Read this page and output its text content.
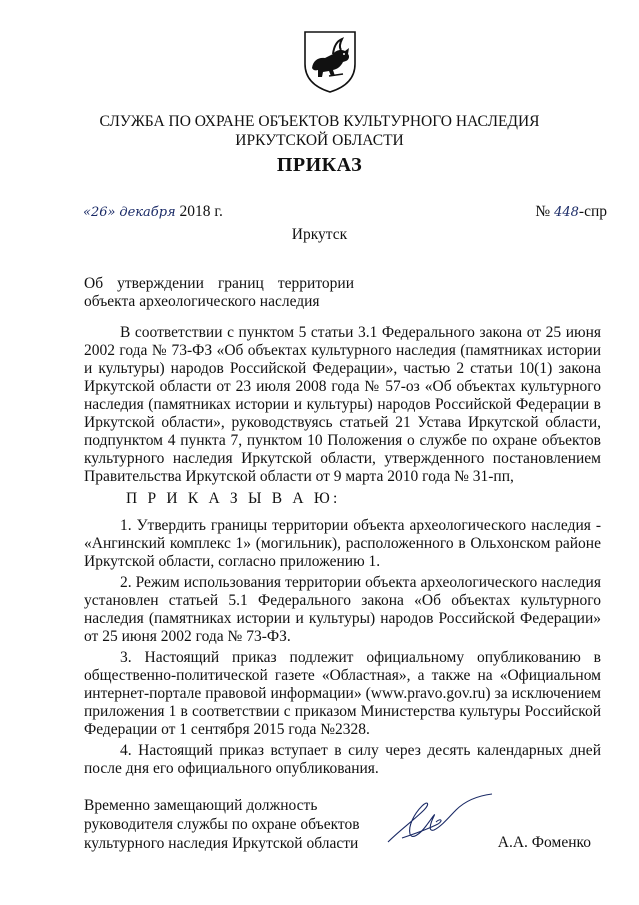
СЛУЖБА ПО ОХРАНЕ ОБЪЕКТОВ КУЛЬТУРНОГО НАСЛЕДИЯ
ИРКУТСКОЙ ОБЛАСТИ
ПРИКАЗ
«26» декабря 2018 г.	№ 448-спр
Иркутск
Об утверждении границ территории
объекта археологического наследия
В соответствии с пунктом 5 статьи 3.1 Федерального закона от 25 июня 2002 года № 73-ФЗ «Об объектах культурного наследия (памятниках истории и культуры) народов Российской Федерации», частью 2 статьи 10(1) закона Иркутской области от 23 июля 2008 года № 57-оз «Об объектах культурного наследия (памятниках истории и культуры) народов Российской Федерации в Иркутской области», руководствуясь статьей 21 Устава Иркутской области, подпунктом 4 пункта 7, пунктом 10 Положения о службе по охране объектов культурного наследия Иркутской области, утвержденного постановлением Правительства Иркутской области от 9 марта 2010 года № 31-пп,
П Р И К А З Ы В А Ю:
1. Утвердить границы территории объекта археологического наследия - «Ангинский комплекс 1» (могильник), расположенного в Ольхонском районе Иркутской области, согласно приложению 1.
2. Режим использования территории объекта археологического наследия установлен статьей 5.1 Федерального закона «Об объектах культурного наследия (памятниках истории и культуры) народов Российской Федерации» от 25 июня 2002 года № 73-ФЗ.
3. Настоящий приказ подлежит официальному опубликованию в общественно-политической газете «Областная», а также на «Официальном интернет-портале правовой информации» (www.pravo.gov.ru) за исключением приложения 1 в соответствии с приказом Министерства культуры Российской Федерации от 1 сентября 2015 года №2328.
4. Настоящий приказ вступает в силу через десять календарных дней после дня его официального опубликования.
Временно замещающий должность
руководителя службы по охране объектов
культурного наследия Иркутской области	А.А. Фоменко
